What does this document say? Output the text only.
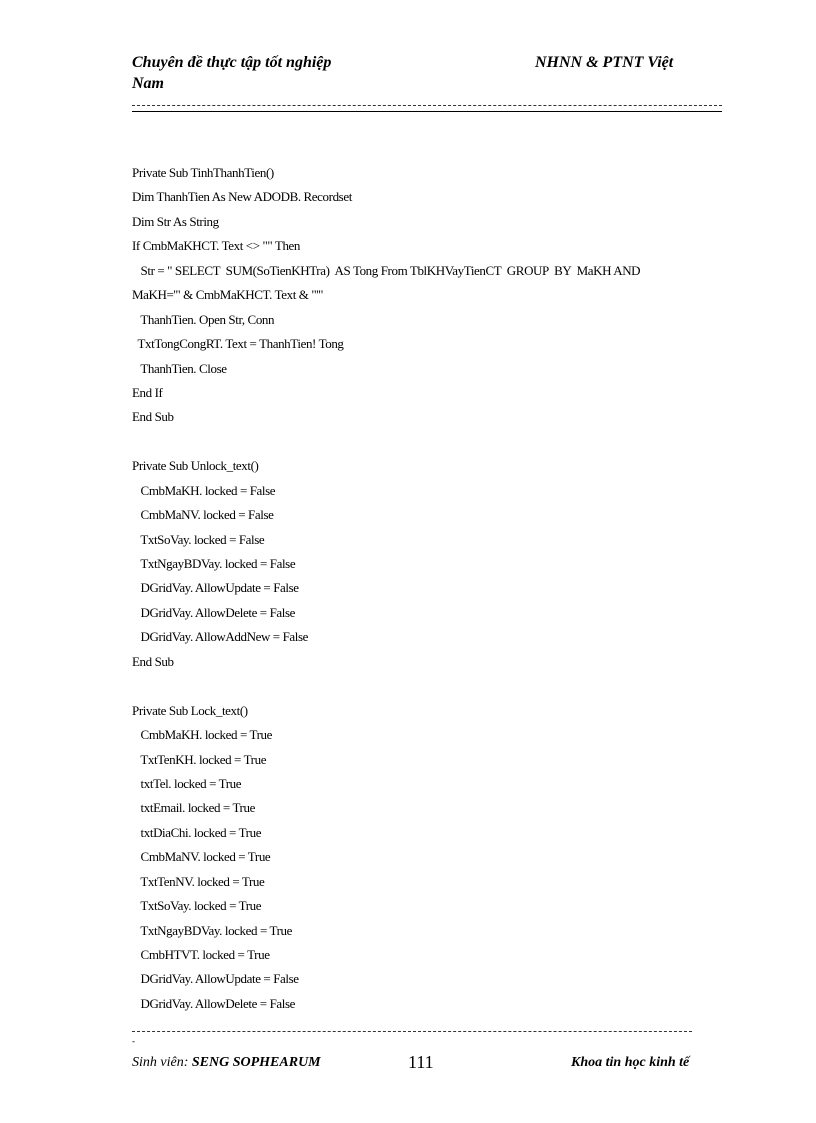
Chuyên đề thực tập tốt nghiệp	NHNN & PTNT Việt
Nam
Private Sub TinhThanhTien()
Dim ThanhTien As New ADODB. Recordset
Dim Str As String
If CmbMaKHCT. Text <> "" Then
Str = " SELECT  SUM(SoTienKHTra)  AS Tong From TblKHVayTienCT  GROUP  BY  MaKH AND
MaKH='" & CmbMaKHCT. Text & "'"
ThanhTien. Open Str, Conn
TxtTongCongRT. Text = ThanhTien! Tong
ThanhTien. Close
End If
End Sub
Private Sub Unlock_text()
CmbMaKH. locked = False
CmbMaNV. locked = False
TxtSoVay. locked = False
TxtNgayBDVay. locked = False
DGridVay. AllowUpdate = False
DGridVay. AllowDelete = False
DGridVay. AllowAddNew = False
End Sub
Private Sub Lock_text()
CmbMaKH. locked = True
TxtTenKH. locked = True
txtTel. locked = True
txtEmail. locked = True
txtDiaChi. locked = True
CmbMaNV. locked = True
TxtTenNV. locked = True
TxtSoVay. locked = True
TxtNgayBDVay. locked = True
CmbHTVT. locked = True
DGridVay. AllowUpdate = False
DGridVay. AllowDelete = False
-
Sinh viên: SENG SOPHEARUM	111	Khoa tin học kinh tế
